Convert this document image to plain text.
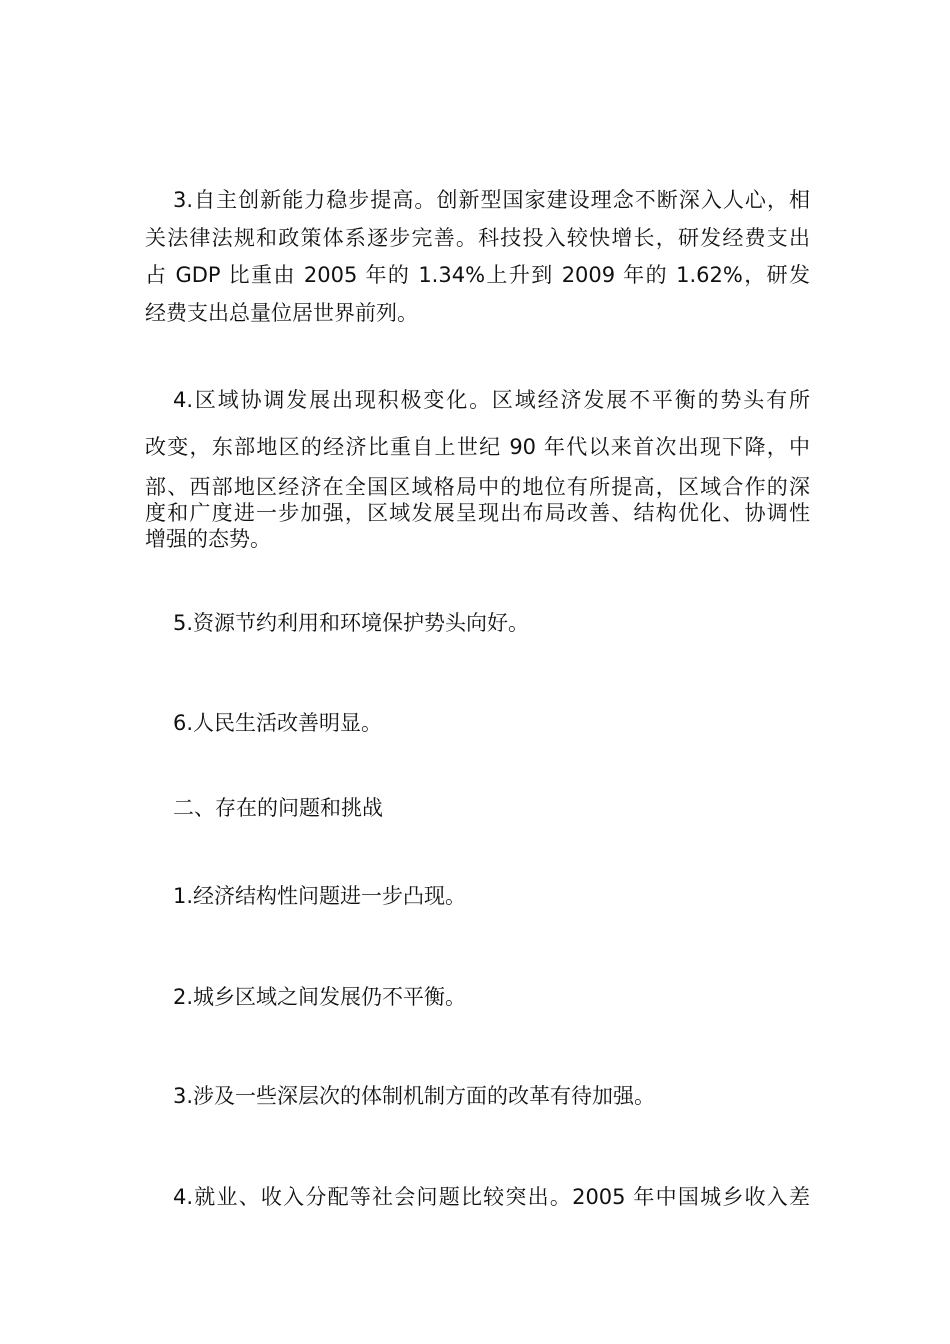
3.自主创新能力稳步提高。创新型国家建设理念不断深入人心，相
关法律法规和政策体系逐步完善。科技投入较快增长，研发经费支出
占 GDP 比重由 2005 年的 1.34%上升到 2009 年的 1.62%，研发
经费支出总量位居世界前列。
4.区域协调发展出现积极变化。区域经济发展不平衡的势头有所
改变，东部地区的经济比重自上世纪 90 年代以来首次出现下降，中
部、西部地区经济在全国区域格局中的地位有所提高，区域合作的深
度和广度进一步加强，区域发展呈现出布局改善、结构优化、协调性
增强的态势。
5.资源节约利用和环境保护势头向好。
6.人民生活改善明显。
二、存在的问题和挑战
1.经济结构性问题进一步凸现。
2.城乡区域之间发展仍不平衡。
3.涉及一些深层次的体制机制方面的改革有待加强。
4.就业、收入分配等社会问题比较突出。2005 年中国城乡收入差
